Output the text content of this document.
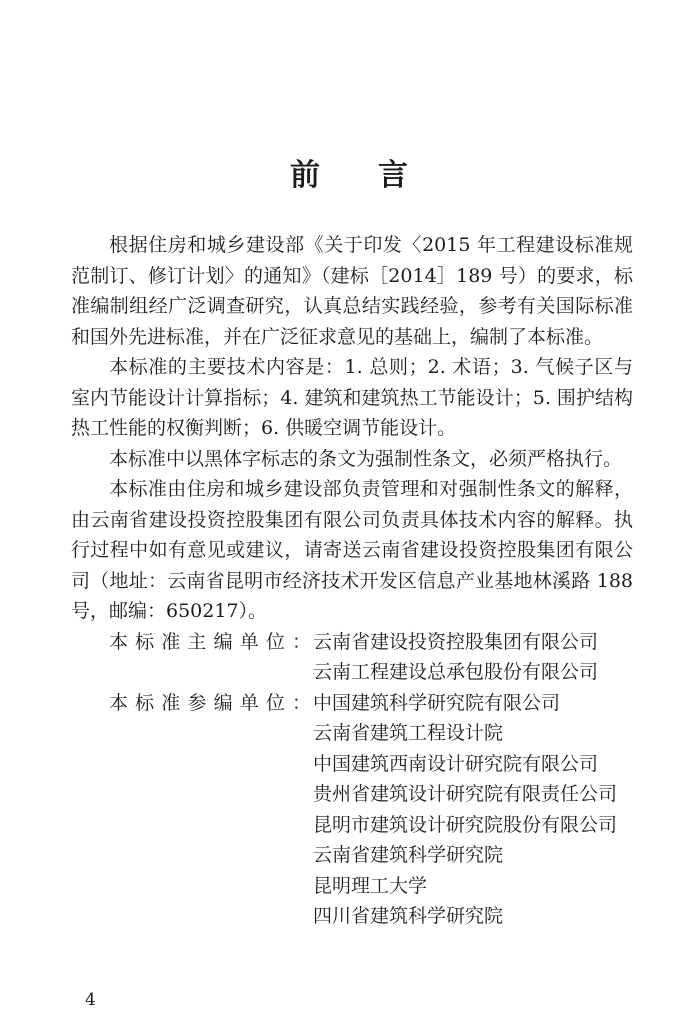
前 言

根据住房和城乡建设部《关于印发〈2015 年工程建设标准规范制订、修订计划〉的通知》（建标［2014］189 号）的要求，标准编制组经广泛调查研究，认真总结实践经验，参考有关国际标准和国外先进标准，并在广泛征求意见的基础上，编制了本标准。

本标准的主要技术内容是：1. 总则；2. 术语；3. 气候子区与室内节能设计计算指标；4. 建筑和建筑热工节能设计；5. 围护结构热工性能的权衡判断；6. 供暖空调节能设计。

本标准中以黑体字标志的条文为强制性条文，必须严格执行。

本标准由住房和城乡建设部负责管理和对强制性条文的解释，由云南省建设投资控股集团有限公司负责具体技术内容的解释。执行过程中如有意见或建议，请寄送云南省建设投资控股集团有限公司（地址：云南省昆明市经济技术开发区信息产业基地林溪路 188 号，邮编：650217）。

本标准主编单位： 云南省建设投资控股集团有限公司
云南工程建设总承包股份有限公司
本标准参编单位： 中国建筑科学研究院有限公司
云南省建筑工程设计院
中国建筑西南设计研究院有限公司
贵州省建筑设计研究院有限责任公司
昆明市建筑设计研究院股份有限公司
云南省建筑科学研究院
昆明理工大学
四川省建筑科学研究院
4
